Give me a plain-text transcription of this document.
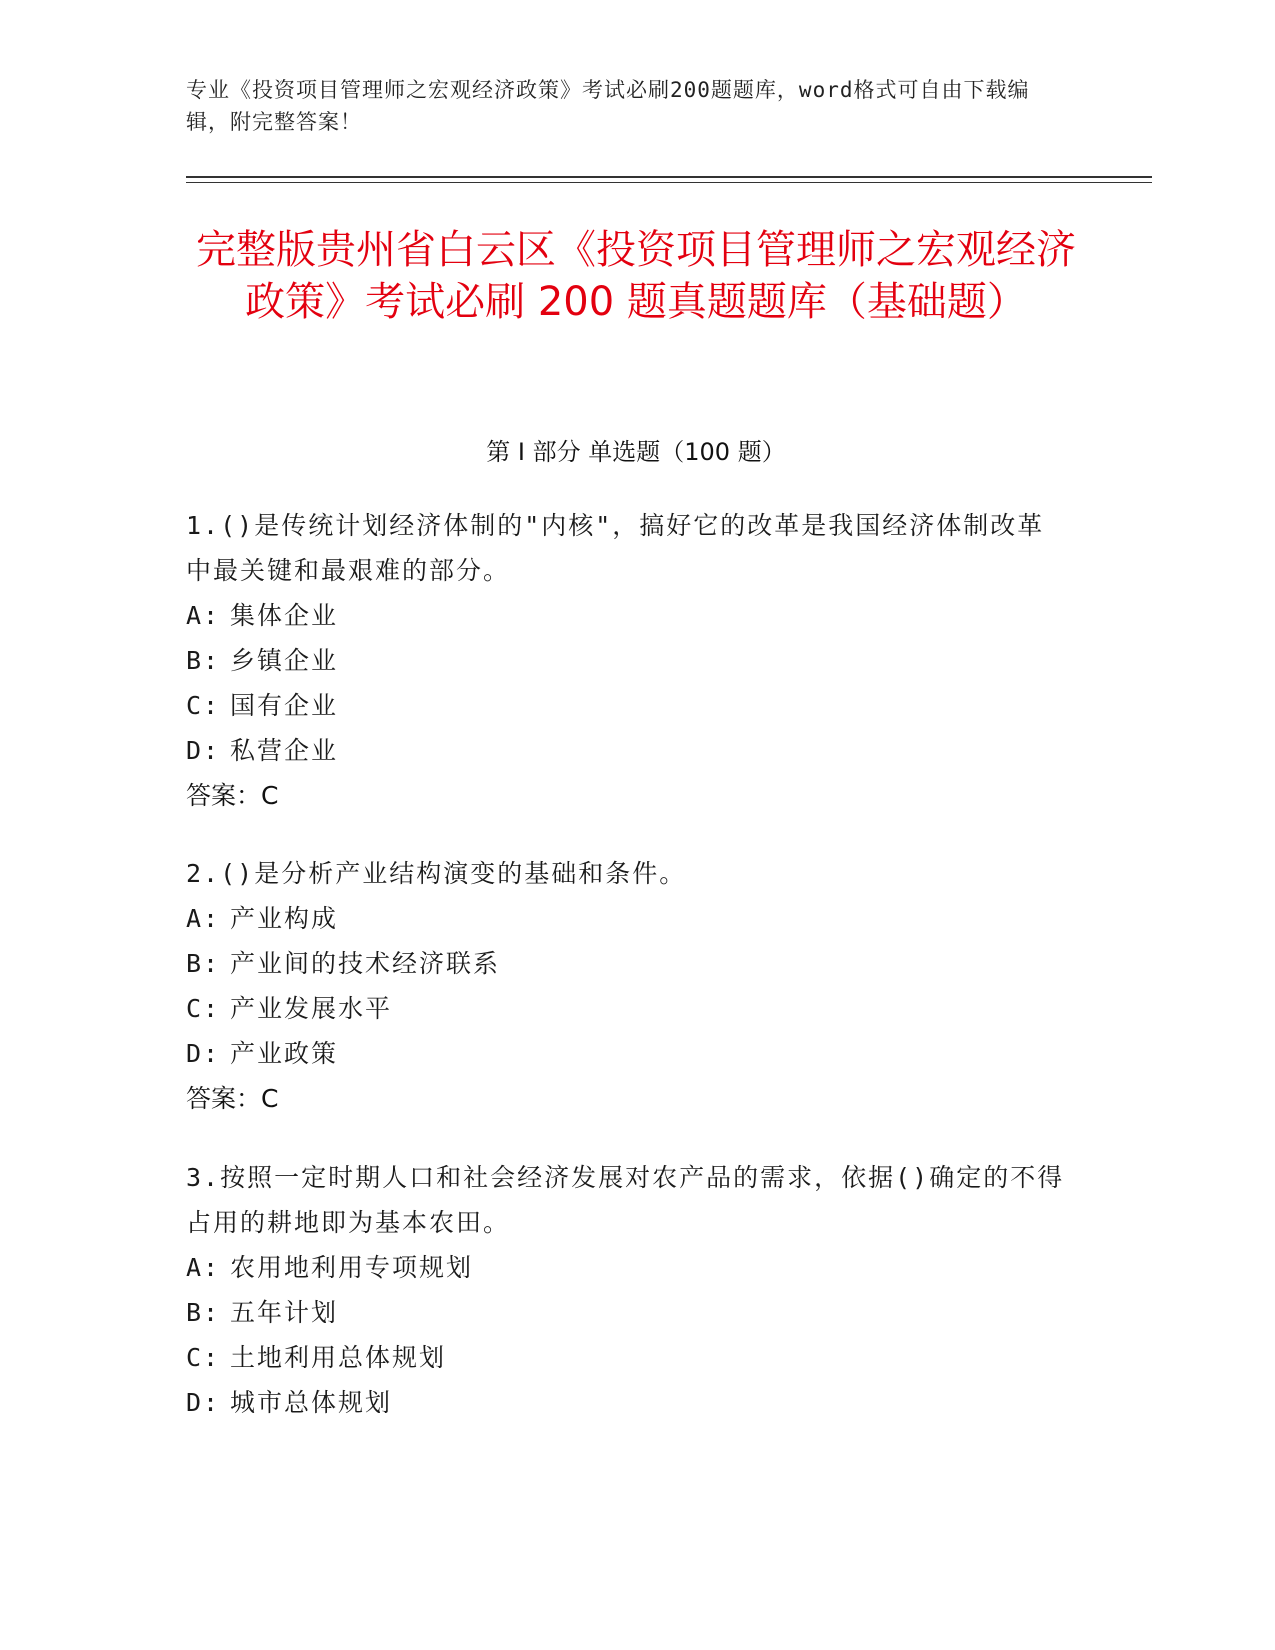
专业《投资项目管理师之宏观经济政策》考试必刷200题题库，word格式可自由下载编辑，附完整答案！
完整版贵州省白云区《投资项目管理师之宏观经济政策》考试必刷 200 题真题题库（基础题）
第 I 部分 单选题（100 题）
1.()是传统计划经济体制的"内核"，搞好它的改革是我国经济体制改革中最关键和最艰难的部分。
A: 集体企业
B: 乡镇企业
C: 国有企业
D: 私营企业
答案：C
2.()是分析产业结构演变的基础和条件。
A: 产业构成
B: 产业间的技术经济联系
C: 产业发展水平
D: 产业政策
答案：C
3.按照一定时期人口和社会经济发展对农产品的需求，依据()确定的不得占用的耕地即为基本农田。
A: 农用地利用专项规划
B: 五年计划
C: 土地利用总体规划
D: 城市总体规划
